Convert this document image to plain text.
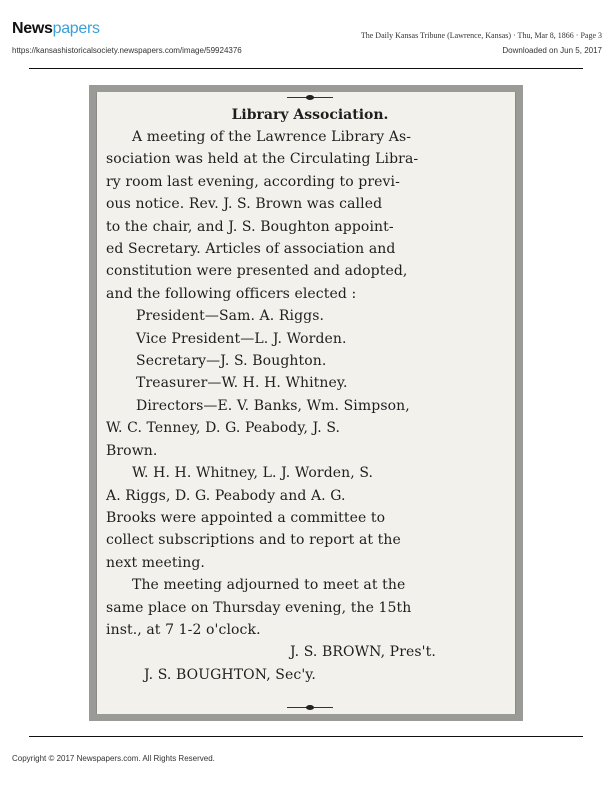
Newspapers	The Daily Kansas Tribune (Lawrence, Kansas) · Thu, Mar 8, 1866 · Page 3
https://kansashistoricalsociety.newspapers.com/image/59924376	Downloaded on Jun 5, 2017
Library Association.
A meeting of the Lawrence Library As-
sociation was held at the Circulating Libra-
ry room last evening, according to previ-
ous notice. Rev. J. S. Brown was called
to the chair, and J. S. Boughton appoint-
ed Secretary. Articles of association and
constitution were presented and adopted,
and the following officers elected :
President—Sam. A. Riggs.
Vice President—L. J. Worden.
Secretary—J. S. Boughton.
Treasurer—W. H. H. Whitney.
Directors—E. V. Banks, Wm. Simpson,
W. C. Tenney, D. G. Peabody, J. S.
Brown.
W. H. H. Whitney, L. J. Worden, S.
A. Riggs, D. G. Peabody and A. G.
Brooks were appointed a committee to
collect subscriptions and to report at the
next meeting.
The meeting adjourned to meet at the
same place on Thursday evening, the 15th
inst., at 7 1-2 o'clock.
J. S. BROWN, Pres't.
J. S. BOUGHTON, Sec'y.
Copyright © 2017 Newspapers.com. All Rights Reserved.
